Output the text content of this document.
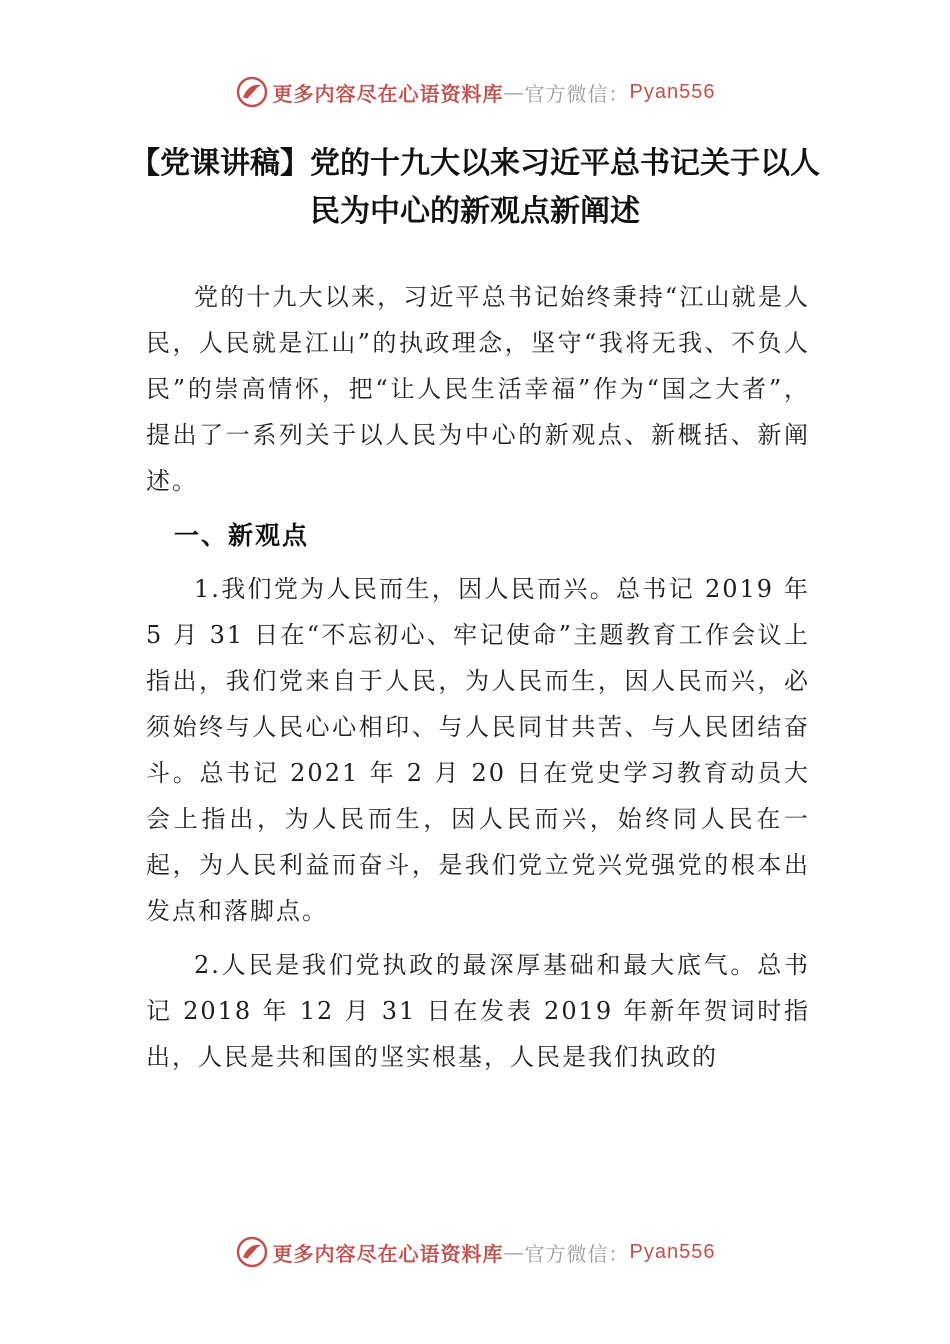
更多内容尽在心语资料库 — 官方微信： Pyan556
【党课讲稿】党的十九大以来习近平总书记关于以人民为中心的新观点新阐述

党的十九大以来，习近平总书记始终秉持“江山就是人民，人民就是江山”的执政理念，坚守“我将无我、不负人民”的崇高情怀，把“让人民生活幸福”作为“国之大者”，提出了一系列关于以人民为中心的新观点、新概括、新阐述。

一、新观点

1.我们党为人民而生，因人民而兴。总书记 2019 年 5 月 31 日在“不忘初心、牢记使命”主题教育工作会议上指出，我们党来自于人民，为人民而生，因人民而兴，必须始终与人民心心相印、与人民同甘共苦、与人民团结奋斗。总书记 2021 年 2 月 20 日在党史学习教育动员大会上指出，为人民而生，因人民而兴，始终同人民在一起，为人民利益而奋斗，是我们党立党兴党强党的根本出发点和落脚点。

2.人民是我们党执政的最深厚基础和最大底气。总书记 2018 年 12 月 31 日在发表 2019 年新年贺词时指出，人民是共和国的坚实根基，人民是我们执政的

更多内容尽在心语资料库 — 官方微信： Pyan556
